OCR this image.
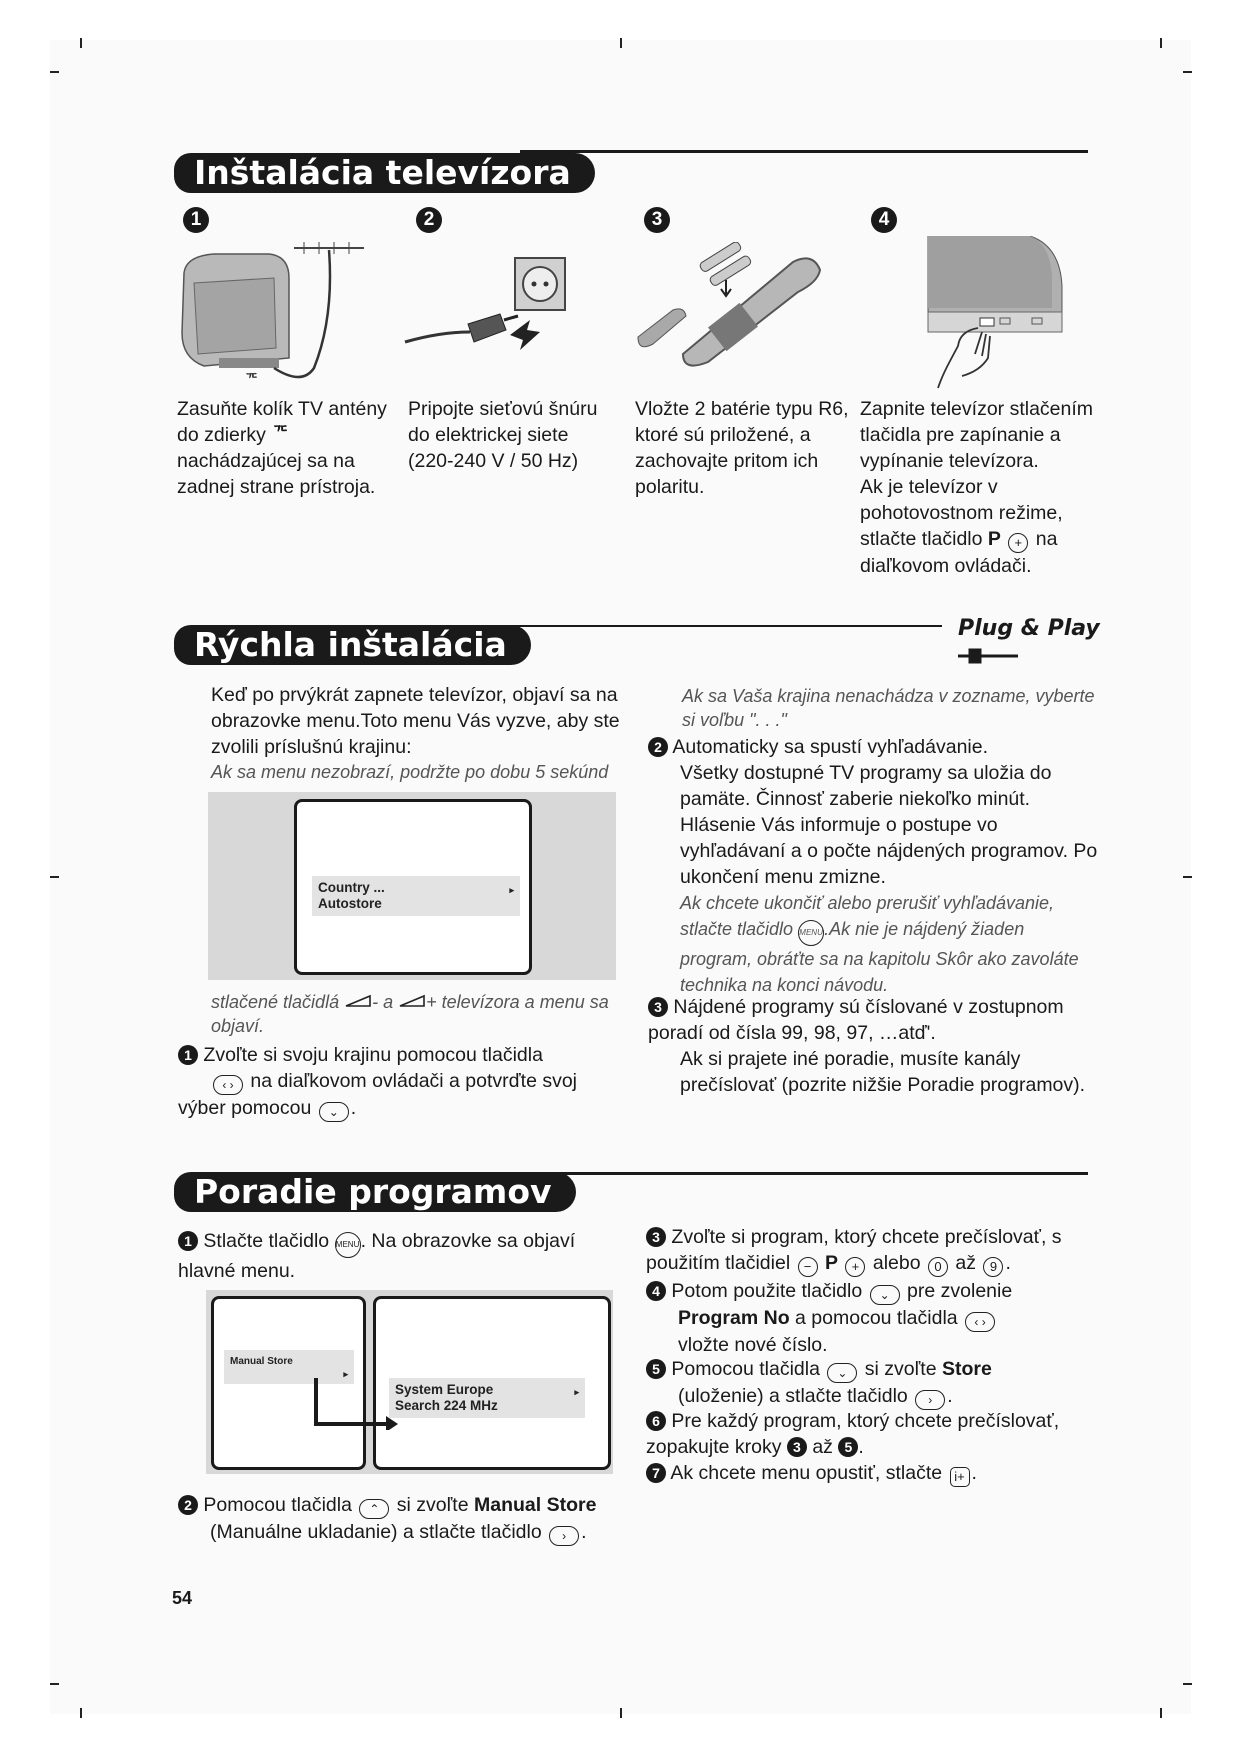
Inštalácia televízora
1	2	3	4
ᄀᄃ
Zasuňte kolík TV antény do zdierky ᄀᄃ nachádzajúcej sa na zadnej strane prístroja.
Pripojte sieťovú šnúru do elektrickej siete (220-240 V / 50 Hz)
Vložte 2 batérie typu R6, ktoré sú priložené, a zachovajte pritom ich polaritu.
Zapnite televízor stlačením tlačidla pre zapínanie a vypínanie televízora.
Ak je televízor v pohotovostnom režime, stlačte tlačidlo P + na diaľkovom ovládači.
Rýchla inštalácia	Plug & Play
Keď po prvýkrát zapnete televízor, objaví sa na obrazovke menu.Toto menu Vás vyzve, aby ste zvolili príslušnú krajinu:
Ak sa menu nezobrazí, podržte po dobu 5 sekúnd
Country ...
Autostore
▸
stlačené tlačidlá - a + televízora a menu sa objaví.
1 Zvoľte si svoju krajinu pomocou tlačidla
‹ › na diaľkovom ovládači a potvrďte svoj výber pomocou ⌄ .
Ak sa Vaša krajina nenachádza v zozname, vyberte si voľbu ". . ."
2 Automaticky sa spustí vyhľadávanie.
Všetky dostupné TV programy sa uložia do pamäte. Činnosť zaberie niekoľko minút. Hlásenie Vás informuje o postupe vo vyhľadávaní a o počte nájdených programov. Po ukončení menu zmizne.
Ak chcete ukončiť alebo prerušiť vyhľadávanie, stlačte tlačidlo MENU.Ak nie je nájdený žiaden program, obráťte sa na kapitolu Skôr ako zavoláte technika na konci návodu.
3 Nájdené programy sú číslované v zostupnom poradí od čísla 99, 98, 97, …atď'.
Ak si prajete iné poradie, musíte kanály prečíslovať (pozrite nižšie Poradie programov).
Poradie programov
1 Stlačte tlačidlo MENU. Na obrazovke sa objaví hlavné menu.
Manual Store
▸
System Europe
Search 224 MHz
▸
2 Pomocou tlačidla ⌃ si zvoľte Manual Store
(Manuálne ukladanie) a stlačte tlačidlo › .
3 Zvoľte si program, ktorý chcete prečíslovať, s použitím tlačidiel − P + alebo 0 až 9 .
4 Potom použite tlačidlo ⌄ pre zvolenie
Program No a pomocou tlačidla ‹ ›
vložte nové číslo.
5 Pomocou tlačidla ⌄ si zvoľte Store
(uloženie) a stlačte tlačidlo › .
6 Pre každý program, ktorý chcete prečíslovať, zopakujte kroky 3 až 5 .
7 Ak chcete menu opustiť, stlačte i+ .
54
